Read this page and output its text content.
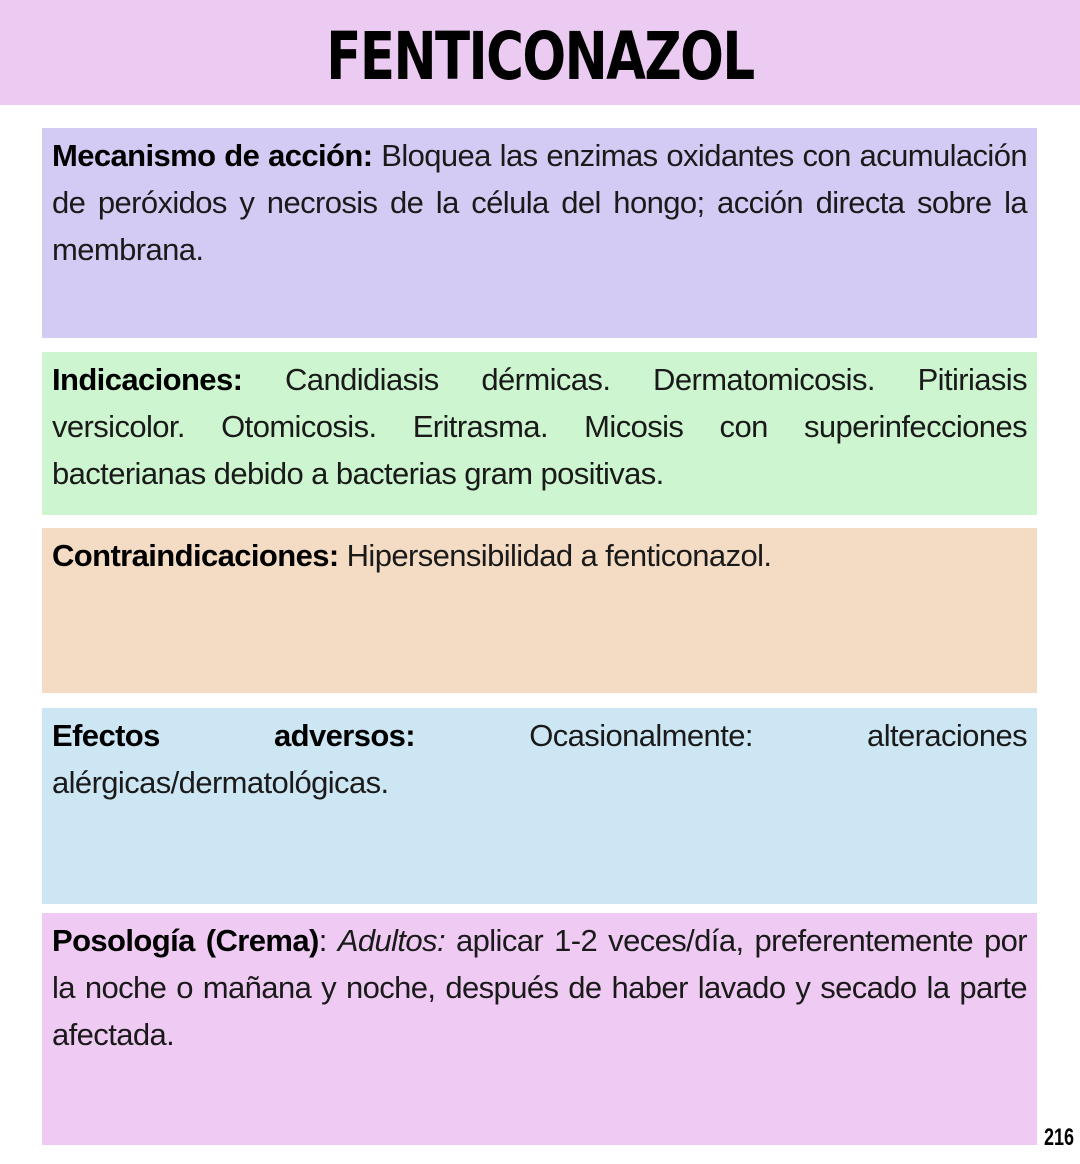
FENTICONAZOL

Mecanismo de acción: Bloquea las enzimas oxidantes con acumulación de peróxidos y necrosis de la célula del hongo; acción directa sobre la membrana.

Indicaciones: Candidiasis dérmicas. Dermatomicosis. Pitiriasis versicolor. Otomicosis. Eritrasma. Micosis con superinfecciones bacterianas debido a bacterias gram positivas.

Contraindicaciones: Hipersensibilidad a fenticonazol.

Efectos adversos: Ocasionalmente: alteraciones alérgicas/dermatológicas.

Posología (Crema): Adultos: aplicar 1-2 veces/día, preferentemente por la noche o mañana y noche, después de haber lavado y secado la parte afectada.

216
